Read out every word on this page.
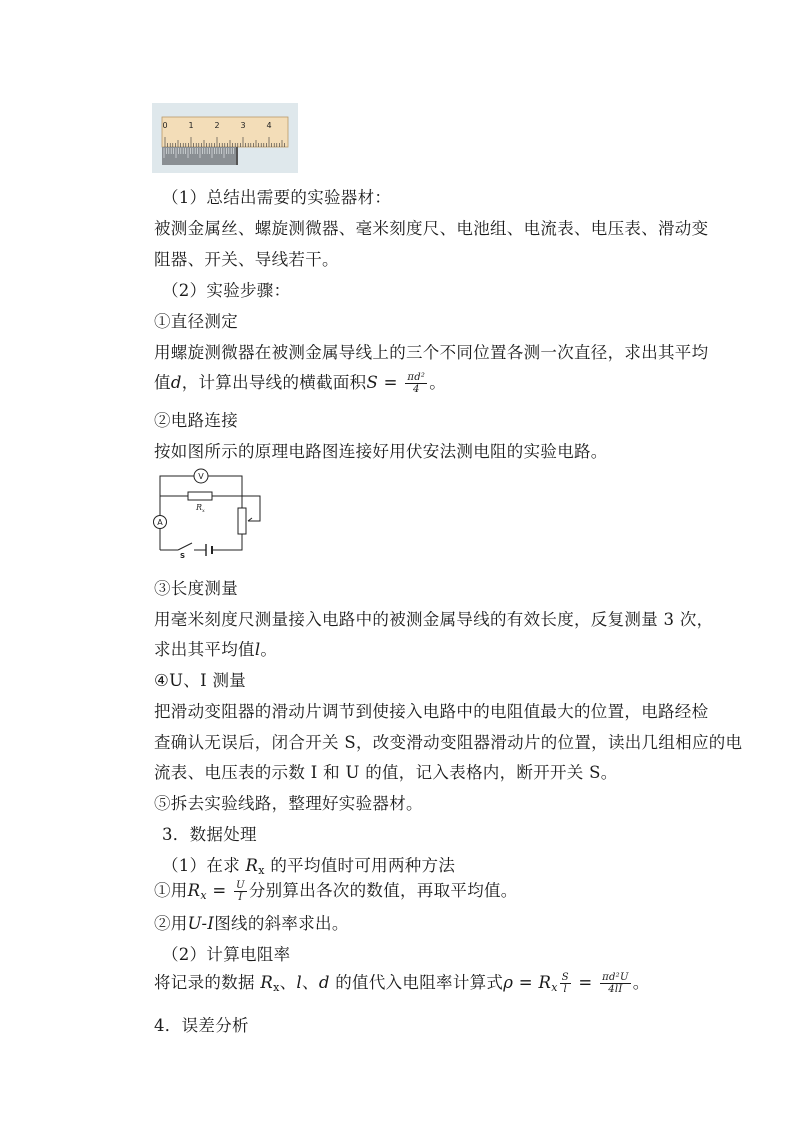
0	1	2	3	4
（1）总结出需要的实验器材：
被测金属丝、螺旋测微器、毫米刻度尺、电池组、电流表、电压表、滑动变
阻器、开关、导线若干。
（2）实验步骤：
①直径测定
用螺旋测微器在被测金属导线上的三个不同位置各测一次直径，求出其平均
值d，计算出导线的横截面积$S = \frac{\text{πd²}}{4}$ 。
②电路连接
按如图所示的原理电路图连接好用伏安法测电阻的实验电路。
V
A
$R_x$
S
③长度测量
用毫米刻度尺测量接入电路中的被测金属导线的有效长度，反复测量 3 次，
求出其平均值l。
④U、I 测量
把滑动变阻器的滑动片调节到使接入电路中的电阻值最大的位置，电路经检
查确认无误后，闭合开关 S，改变滑动变阻器滑动片的位置，读出几组相应的电
流表、电压表的示数 I 和 U 的值，记入表格内，断开开关 S。
⑤拆去实验线路，整理好实验器材。
3．数据处理
（1）在求 $R_x$ 的平均值时可用两种方法
①用$R_x = \frac{U}{I}$ 分别算出各次的数值，再取平均值。
②用U-I图线的斜率求出。
（2）计算电阻率
将记录的数据 $R_x$、l、d 的值代入电阻率计算式$\rho = R_x \frac{S}{l} = \frac{\text{πd²U}}{4lI}$ 。
4．误差分析
